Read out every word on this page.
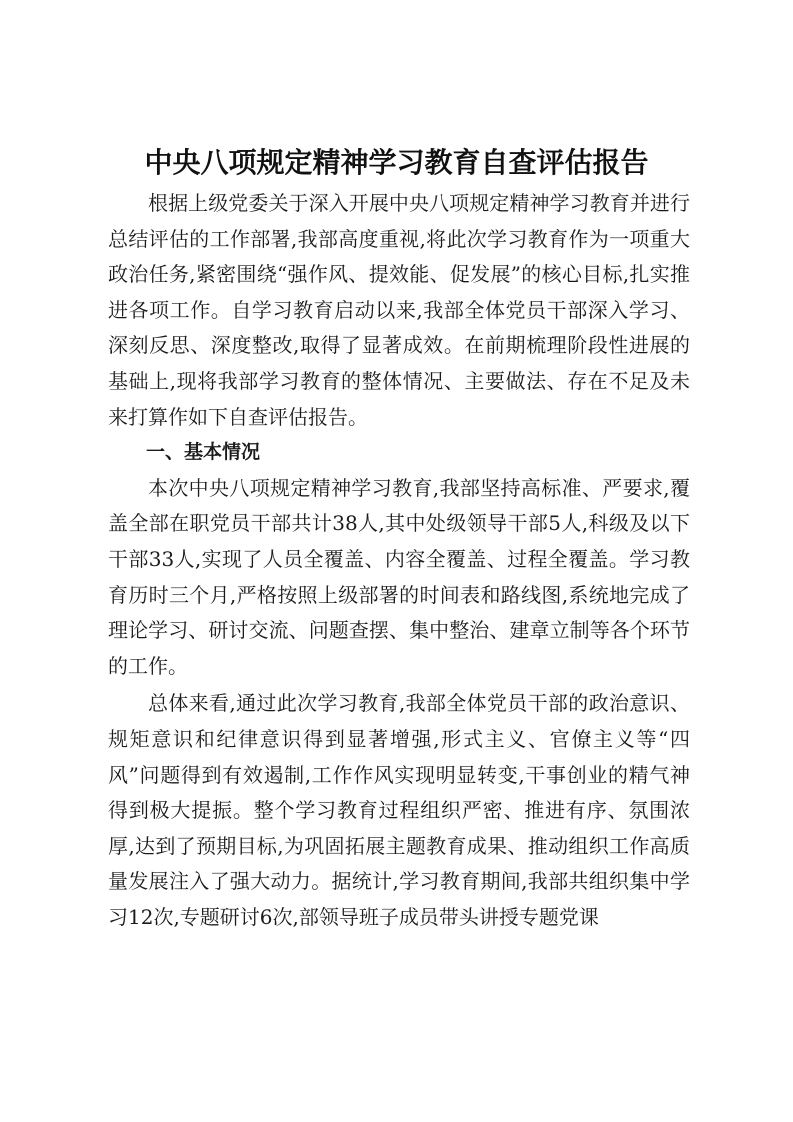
中央八项规定精神学习教育自查评估报告

根据上级党委关于深入开展中央八项规定精神学习教育并进行总结评估的工作部署,我部高度重视,将此次学习教育作为一项重大政治任务,紧密围绕“强作风、提效能、促发展”的核心目标,扎实推进各项工作。自学习教育启动以来,我部全体党员干部深入学习、深刻反思、深度整改,取得了显著成效。在前期梳理阶段性进展的基础上,现将我部学习教育的整体情况、主要做法、存在不足及未来打算作如下自查评估报告。

一、基本情况

本次中央八项规定精神学习教育,我部坚持高标准、严要求,覆盖全部在职党员干部共计38人,其中处级领导干部5人,科级及以下干部33人,实现了人员全覆盖、内容全覆盖、过程全覆盖。学习教育历时三个月,严格按照上级部署的时间表和路线图,系统地完成了理论学习、研讨交流、问题查摆、集中整治、建章立制等各个环节的工作。

总体来看,通过此次学习教育,我部全体党员干部的政治意识、规矩意识和纪律意识得到显著增强,形式主义、官僚主义等“四风”问题得到有效遏制,工作作风实现明显转变,干事创业的精气神得到极大提振。整个学习教育过程组织严密、推进有序、氛围浓厚,达到了预期目标,为巩固拓展主题教育成果、推动组织工作高质量发展注入了强大动力。据统计,学习教育期间,我部共组织集中学习12次,专题研讨6次,部领导班子成员带头讲授专题党课
